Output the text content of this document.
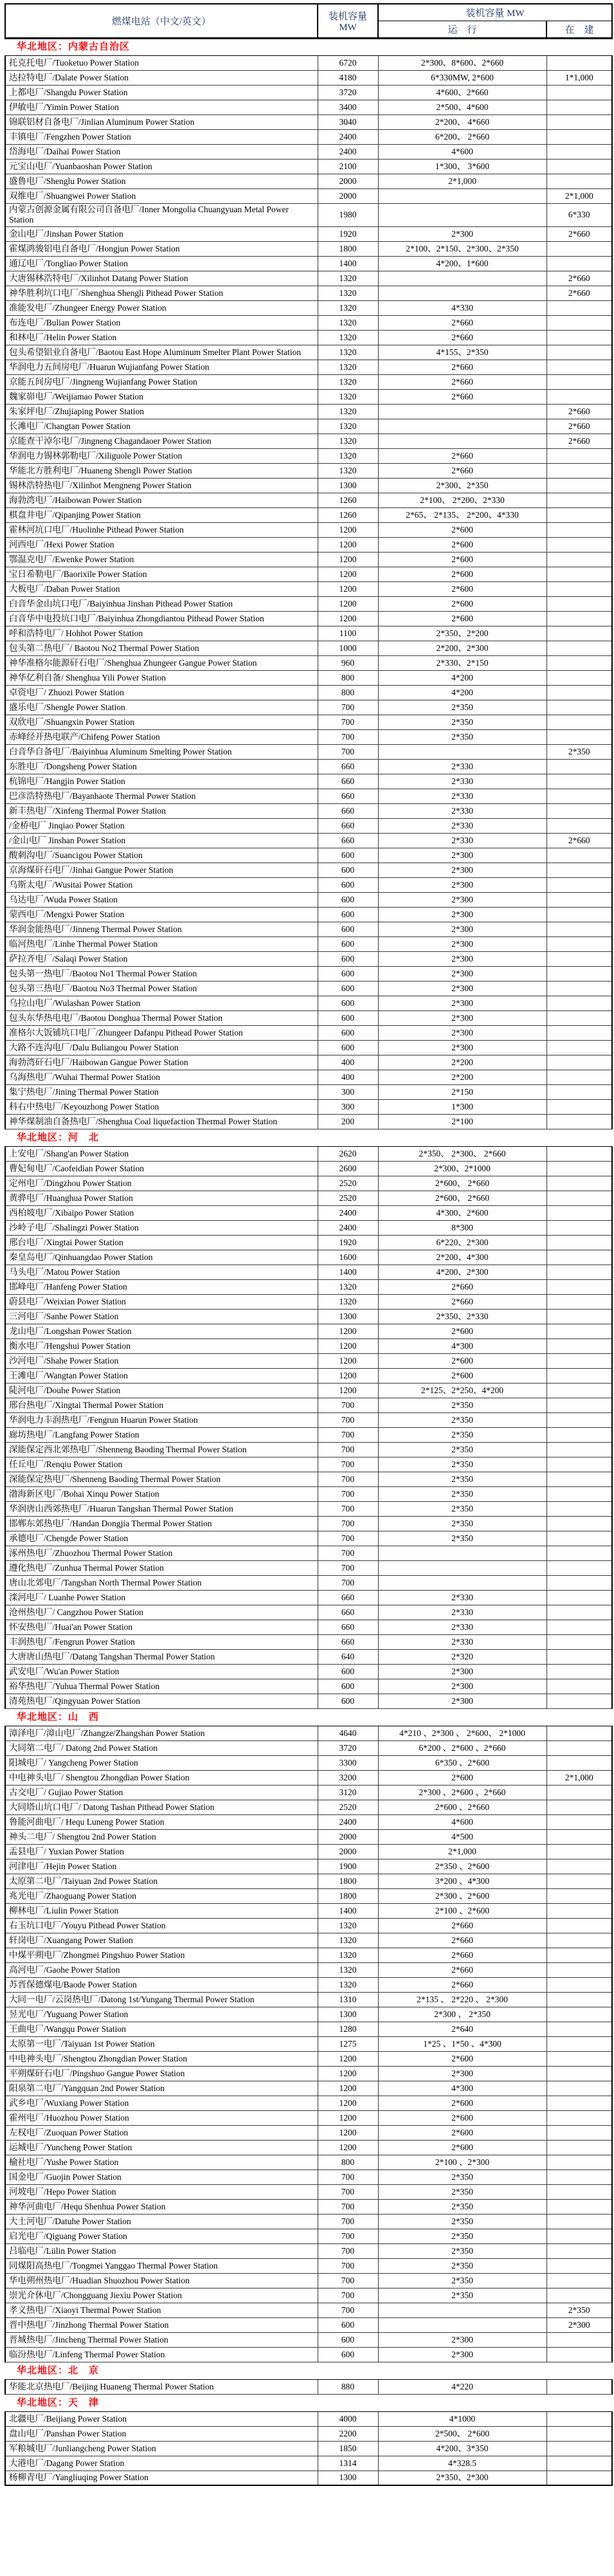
燃煤电站（中文/英文）	装机容量
MW	装机容量 MW	
		运　行	在　建
华北地区：内蒙古自治区			
托克托电厂/Tuoketuo Power Station	6720	2*300、8*600、2*660	
达拉特电厂/Dalate Power Station	4180	6*330MW, 2*600	1*1,000
上都电厂/Shangdu Power Station	3720	4*600、2*660	
伊敏电厂/Yimin Power Station	3400	2*500、4*600	
锦联铝材自备电厂/Jinlian Aluminum Power Station	3040	2*200、 4*660	
丰镇电厂/Fengzhen Power Station	2400	6*200、 2*660	
岱海电厂/Daihai Power Station	2400	4*600	
元宝山电厂/Yuanbaoshan Power Station	2100	1*300、 3*600	
盛鲁电厂/Shenglu Power Station	2000	2*1,000	
双维电厂/Shuangwei Power Station	2000		2*1,000
内蒙古创源金属有限公司自备电厂/Inner Mongolia Chuangyuan Metal Power Station	1980		6*330
金山电厂/Jinshan Power Station	1920	2*300	2*660
霍煤鸿骏铝电自备电厂/Hongjun Power Station	1800	2*100、2*150、2*300、2*350	
通辽电厂/Tongliao Power Station	1400	4*200、1*600	
大唐锡林浩特电厂/Xilinhot Datang Power Station	1320		2*660
神华胜利坑口电厂/Shenghua Shengli Pithead Power Station	1320		2*660
准能发电厂/Zhungeer Energy Power Station	1320	4*330	
布连电厂/Bulian Power Station	1320	2*660	
和林电厂/Helin Power Station	1320	2*660	
包头希望铝业自备电厂/Baotou East Hope Aluminum Smelter Plant Power Station	1320	4*155、2*350	
华润电力五间房电厂/Huarun Wujianfang Power Station	1320	2*660	
京能五间房电厂/Jingneng Wujianfang Power Station	1320	2*660	
魏家峁电厂/Weijiamao Power Station	1320	2*660	
朱家坪电厂/Zhujiaping Power Station	1320		2*660
长滩电厂/Changtan Power Station	1320		2*660
京能查干淖尔电厂/Jingneng Chagandaoer Power Station	1320		2*660
华润电力锡林郭勒电厂/Xiliguole Power Station	1320	2*660	
华能北方胜利电厂/Huaneng Shengli Power Station	1320	2*660	
锡林浩特热电厂/Xilinhot Mengneng Power Station	1300	2*300、2*350	
海勃湾电厂/Haibowan Power Station	1260	2*100、 2*200、2*330	
棋盘井电厂/Qipanjing Power Station	1260	2*65、 2*135、 2*200、4*330	
霍林河坑口电厂/Huolinhe Pithead Power Station	1200	2*600	
河西电厂/Hexi Power Station	1200	2*600	
鄂温克电厂/Ewenke Power Station	1200	2*600	
宝日希勒电厂/Baorixile Power Station	1200	2*600	
大板电厂/Daban Power Station	1200	2*600	
白音华金山坑口电厂/Baiyinhua Jinshan Pithead Power Station	1200	2*600	
白音华中电投坑口电厂/Baiyinhua Zhongdiantou Pithead Power Station	1200	2*600	
呼和浩特电厂/ Hohhot Power Station	1100	2*350、2*200	
包头第二热电厂/ Baotou No2 Thermal Power Station	1000	2*200、2*300	
神华准格尔能源矸石电厂/Shenghua Zhungeer Gangue Power Station	960	2*330、2*150	
神华亿利自备/ Shenghua Yili Power Station	800	4*200	
卓资电厂/ Zhuozi Power Station	800	4*200	
盛乐电厂/Shengle Power Station	700	2*350	
双欣电厂/Shuangxin Power Station	700	2*350	
赤峰经开热电联产/Chifeng Power Station	700	2*350	
白音华自备电厂/Baiyinhua Aluminum Smelting Power Station	700		2*350
东胜电厂/Dongsheng Power Station	660	2*330	
杭锦电厂/Hangjin Power Station	660	2*330	
巴彦浩特热电厂/Bayanhaote Thermal Power Station	660	2*330	
新丰热电厂/Xinfeng Thermal Power Station	660	2*330	
/金桥电厂 Jinqiao Power Station	660	2*330	
/金山电厂 Jinshan Power Station	660	2*330	2*660
酸刺沟电厂/Suancigou Power Station	600	2*300	
京海煤矸石电厂/Jinhai Gangue Power Station	600	2*300	
乌斯太电厂/Wusitai Power Station	600	2*300	
乌达电厂/Wuda Power Station	600	2*300	
蒙西电厂/Mengxi Power Station	600	2*300	
华润金能热电厂/Jinneng Thermal Power Station	600	2*300	
临河热电厂/Linhe Thermal Power Station	600	2*300	
萨拉齐电厂/Salaqi Power Station	600	2*300	
包头第一热电厂/Baotou No1 Thermal Power Station	600	2*300	
包头第三热电厂/Baotou No3 Thermal Power Station	600	2*300	
乌拉山电厂/Wulashan Power Station	600	2*300	
包头东华热电电厂/Baotou Donghua Thermal Power Station	600	2*300	
准格尔大饭铺坑口电厂/Zhungeer Dafanpu Pithead Power Station	600	2*300	
大路不连沟电厂/Dalu Buliangou Power Station	600	2*300	
海勃湾矸石电厂/Haibowan Gangue Power Station	400	2*200	
乌海热电厂/Wuhai Thermal Power Station	400	2*200	
集宁热电厂/Jining Thermal Power Station	300	2*150	
科右中热电厂/Keyouzhong Power Station	300	1*300	
神华煤制油自备热电厂/Shenghua Coal liquefaction Thermal Power Station	200	2*100	
华北地区：河　北			
上安电厂/Shang'an Power Station	2620	2*350、 2*300、 2*660	
曹妃甸电厂/Caofeidian Power Station	2600	2*300、2*1000	
定州电厂/Dingzhou Power Station	2520	2*600、 2*660	
黄骅电厂/Huanghua Power Station	2520	2*600、 2*660	
西柏坡电厂/Xibaipo Power Station	2400	4*300、2*600	
沙岭子电厂/Shalingzi Power Station	2400	8*300	
邢台电厂/Xingtai Power Station	1920	6*220、2*300	
秦皇岛电厂/Qinhuangdao Power Station	1600	2*200、4*300	
马头电厂/Matou Power Station	1400	4*200、2*300	
邯峰电厂/Hanfeng Power Station	1320	2*660	
蔚县电厂/Weixian Power Station	1320	2*660	
三河电厂/Sanhe Power Station	1300	2*350、2*330	
龙山电厂/Longshan Power Station	1200	2*600	
衡水电厂/Hengshui Power Station	1200	4*300	
沙河电厂/Shahe Power Station	1200	2*600	
王滩电厂/Wangtan Power Station	1200	2*600	
陡河电厂/Douhe Power Station	1200	2*125、2*250、4*200	
邢台热电厂/Xingtai Thermal Power Station	700	2*350	
华润电力丰润热电厂/Fengrun Huarun Power Station	700	2*350	
廊坊热电厂/Langfang Power Station	700	2*350	
深能保定西北郊热电厂/Shenneng Baoding Thermal Power Station	700	2*350	
任丘电厂/Renqiu Power Station	700	2*350	
深能保定热电厂/Shenneng Baoding Thermal Power Station	700	2*350	
渤海新区电厂/Bohai Xinqu Power Station	700	2*350	
华润唐山西郊热电厂/Huarun Tangshan Thermal Power Station	700	2*350	
邯郸东郊热电厂/Handan Dongjia Thermal Power Station	700	2*350	
承德电厂/Chengde Power Station	700	2*350	
涿州热电厂/Zhuozhou Thermal Power Station	700		
遵化热电厂/Zunhua Thermal Power Station	700		
唐山北郊电厂/Tangshan North Thermal Power Station	700		
滦河电厂/ Luanhe Power Station	660	2*330	
沧州热电厂/ Cangzhou Power Station	660	2*330	
怀安热电厂/Huai'an Power Station	660	2*330	
丰润热电厂/Fengrun Power Station	660	2*330	
大唐唐山热电厂/Datang Tangshan Thermal Power Station	640	2*320	
武安电厂/Wu'an Power Station	600	2*300	
裕华热电厂/Yuhua Thermal Power Station	600	2*300	
清苑热电厂/Qingyuan Power Station	600	2*300	
华北地区：山　西			
漳泽电厂/漳山电厂/Zhangze/Zhangshan Power Station	4640	4*210 、2*300 、 2*600、 2*1000	
大同第二电厂/ Datong 2nd Power Station	3720	6*200 、2*600 、2*660	
阳城电厂/ Yangcheng Power Station	3300	6*350 、2*600	
中电神头电厂/ Shengtou Zhongdian Power Station	3200	2*600	2*1,000
古交电厂/ Gujiao Power Station	3120	2*300 、2*600 、2*660	
大同塔山坑口电厂/ Datong Tashan Pithead Power Station	2520	2*600 、2*660	
鲁能河曲电厂/ Hequ Luneng Power Station	2400	4*600	
神头二电厂/ Shengtou 2nd Power Station	2000	4*500	
盂县电厂/ Yuxian Power Station	2000	2*1,000	
河津电厂/Hejin Power Station	1900	2*350 、2*600	
太原第二电厂/Taiyuan 2nd Power Station	1800	3*200 、4*300	
兆光电厂/Zhaoguang Power Station	1800	2*300 、2*600	
柳林电厂/Liulin Power Station	1400	2*100 、2*600	
右玉坑口电厂/Youyu Pithead Power Station	1320	2*660	
轩岗电厂/Xuangang Power Station	1320	2*660	
中煤平朔电厂/Zhongmei Pingshuo Power Station	1320	2*660	
高河电厂/Gaohe Power Station	1320	2*660	
苏晋保德煤电/Baode Power Station	1320	2*660	
大同一电厂/云岗热电厂/Datong 1st/Yungang Thermal Power Station	1310	2*135 、 2*220 、 2*300	
昱光电厂/Yuguang Power Station	1300	2*300 、 2*350	
王曲电厂/Wangqu Power Station	1280	2*640	
太原第一电厂/Taiyuan 1st Power Station	1275	1*25 、1*50 、4*300	
中电神头电厂/Shengtou Zhongdian Power Station	1200	2*600	
平朔煤矸石电厂/Pingshuo Gangue Power Station	1200	2*300	
阳泉第二电厂/Yangquan 2nd Power Station	1200	4*300	
武乡电厂/Wuxiang Power Station	1200	2*600	
霍州电厂/Huozhou Power Station	1200	2*600	
左权电厂/Zuoquan Power Station	1200	2*600	
运城电厂/Yuncheng Power Station	1200	2*600	
榆社电厂/Yushe Power Station	800	2*100 、2*300	
国金电厂/Guojin Power Station	700	2*350	
河坡电厂/Hepo Power Station	700	2*350	
神华河曲电厂/Hequ Shenhua Power Station	700	2*350	
大土河电厂/Datuhe Power Station	700	2*350	
启光电厂/Qiguang Power Station	700	2*350	
吕临电厂/Lülin Power Station	700	2*350	
同煤阳高热电厂/Tongmei Yanggao Thermal Power Station	700	2*350	
华电朔州热电厂/Huadian Shuozhou Power Station	700	2*350	
崇光介休电厂/Chongguang Jiexiu Power Station	700	2*350	
孝义热电厂/Xiaoyi Thermal Power Station	700		2*350
晋中热电厂/Jinzhong Thermal Power Station	600		2*300
晋城热电厂/Jincheng Thermal Power Station	600	2*300	
临汾热电厂/Linfeng Thermal Power Station	600	2*300	
华北地区：北　京			
华能北京热电厂/Beijing Huaneng Thermal Power Station	880	4*220	
华北地区：天　津			
北疆电厂/Beijiang Power Station	4000	4*1000	
盘山电厂/Panshan Power Station	2200	2*500、 2*600	
军粮城电厂/Junliangcheng Power Station	1850	4*200、3*350	
大港电厂/Dagang Power Station	1314	4*328.5	
杨柳青电厂/Yangliuqing Power Station	1300	2*350、2*300	
